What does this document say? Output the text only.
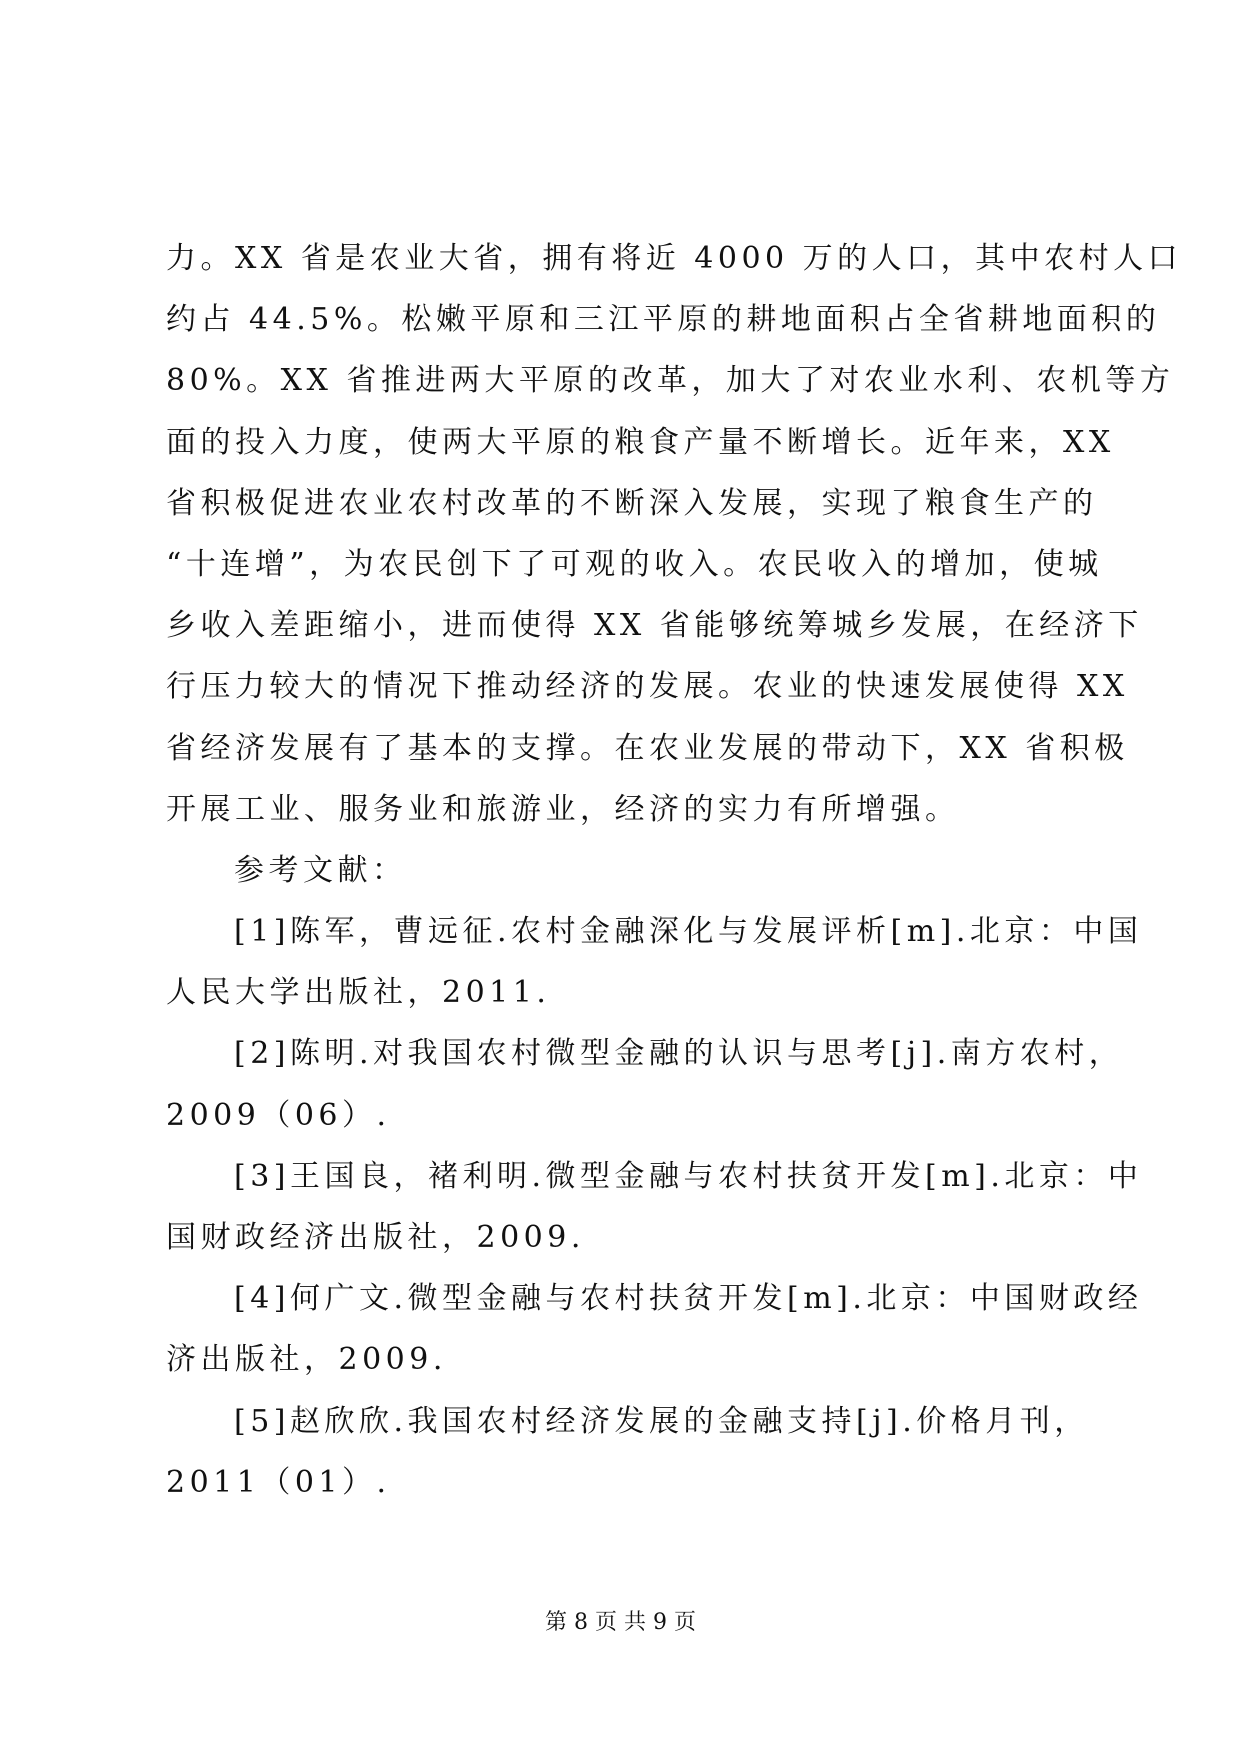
力。XX 省是农业大省，拥有将近 4000 万的人口，其中农村人口
约占 44.5%。松嫩平原和三江平原的耕地面积占全省耕地面积的
80%。XX 省推进两大平原的改革，加大了对农业水利、农机等方
面的投入力度，使两大平原的粮食产量不断增长。近年来，XX
省积极促进农业农村改革的不断深入发展，实现了粮食生产的
“十连增”，为农民创下了可观的收入。农民收入的增加，使城
乡收入差距缩小，进而使得 XX 省能够统筹城乡发展，在经济下
行压力较大的情况下推动经济的发展。农业的快速发展使得 XX
省经济发展有了基本的支撑。在农业发展的带动下，XX 省积极
开展工业、服务业和旅游业，经济的实力有所增强。
参考文献：
[1]陈军，曹远征.农村金融深化与发展评析[m].北京：中国
人民大学出版社，2011.
[2]陈明.对我国农村微型金融的认识与思考[j].南方农村，
2009（06）.
[3]王国良，褚利明.微型金融与农村扶贫开发[m].北京：中
国财政经济出版社，2009.
[4]何广文.微型金融与农村扶贫开发[m].北京：中国财政经
济出版社，2009.
[5]赵欣欣.我国农村经济发展的金融支持[j].价格月刊，
2011（01）.
第 8 页 共 9 页
